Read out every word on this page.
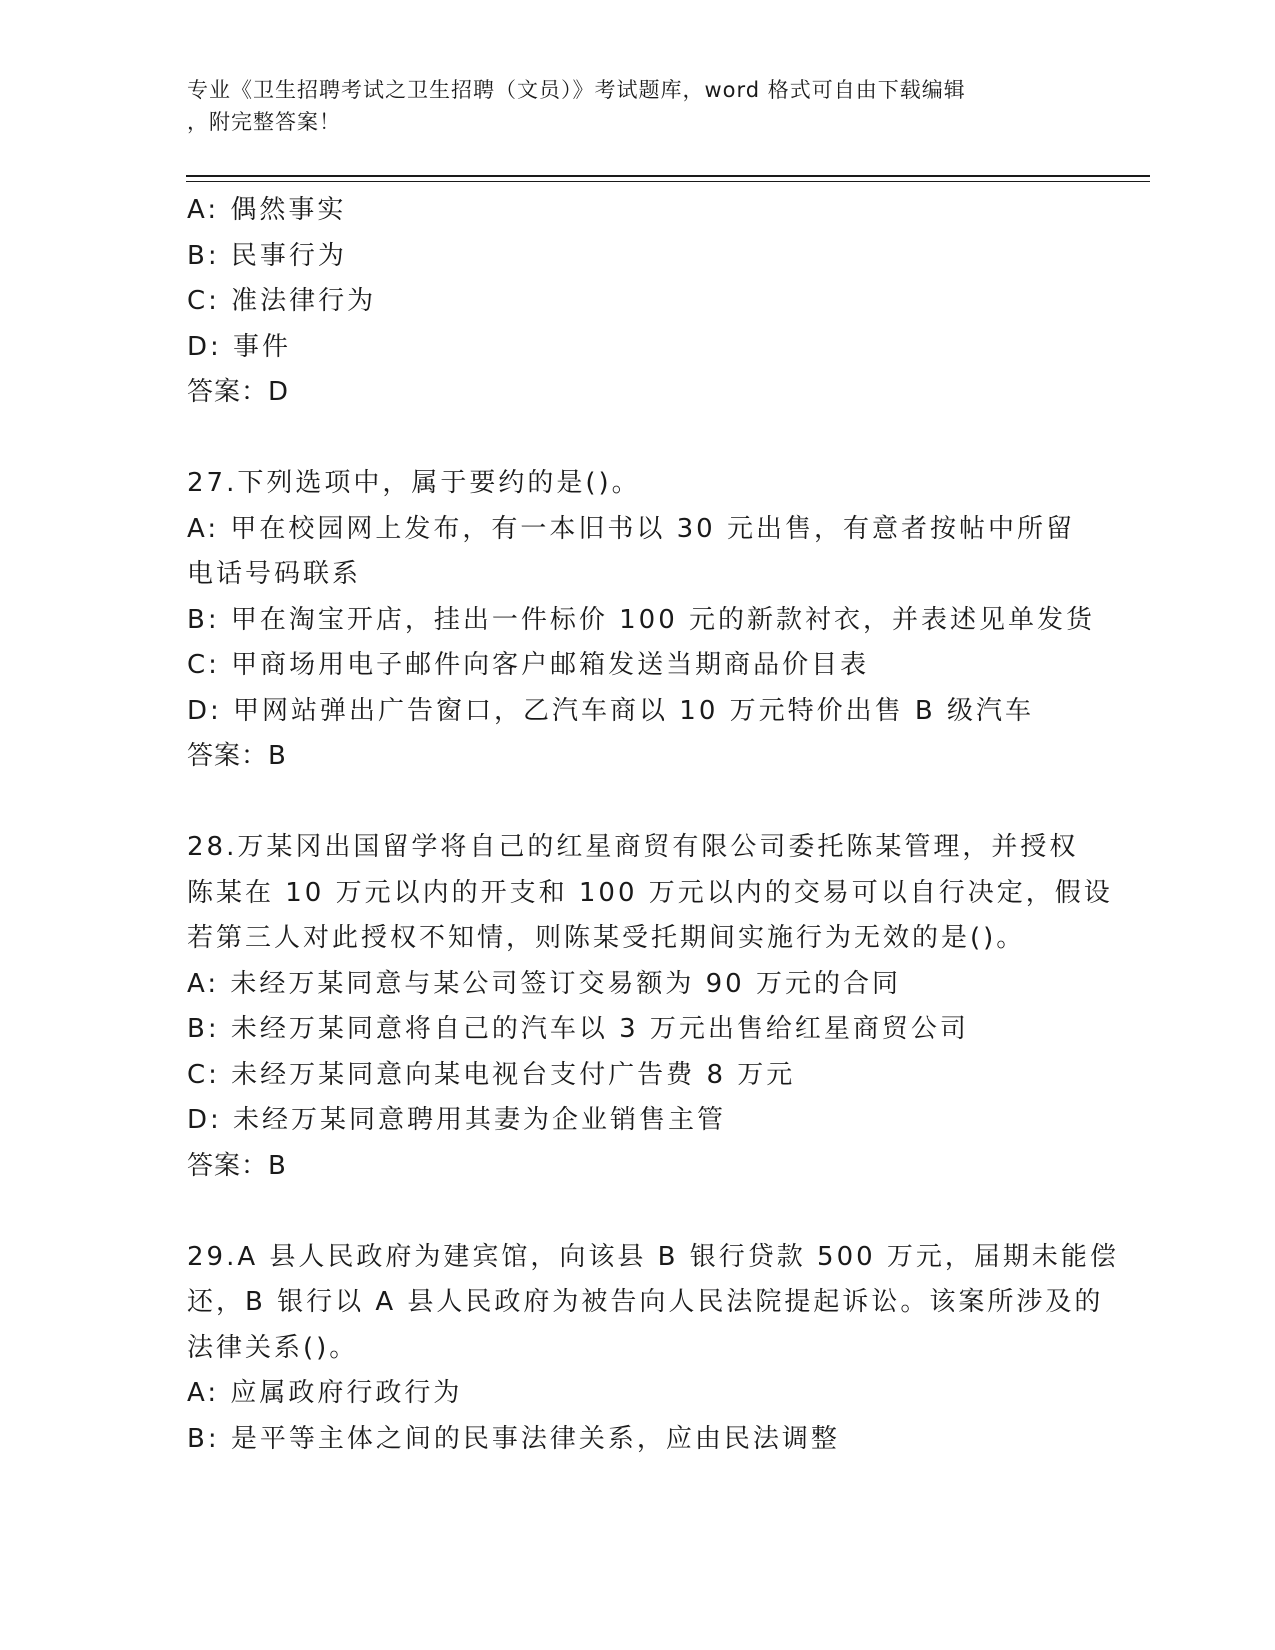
专业《卫生招聘考试之卫生招聘（文员）》考试题库，word 格式可自由下载编辑
，附完整答案！
A: 偶然事实
B: 民事行为
C: 准法律行为
D: 事件
答案：D
27.下列选项中，属于要约的是()。
A: 甲在校园网上发布，有一本旧书以 30 元出售，有意者按帖中所留
电话号码联系
B: 甲在淘宝开店，挂出一件标价 100 元的新款衬衣，并表述见单发货
C: 甲商场用电子邮件向客户邮箱发送当期商品价目表
D: 甲网站弹出广告窗口，乙汽车商以 10 万元特价出售 B 级汽车
答案：B
28.万某冈出国留学将自己的红星商贸有限公司委托陈某管理，并授权
陈某在 10 万元以内的开支和 100 万元以内的交易可以自行决定，假设
若第三人对此授权不知情，则陈某受托期间实施行为无效的是()。
A: 未经万某同意与某公司签订交易额为 90 万元的合同
B: 未经万某同意将自己的汽车以 3 万元出售给红星商贸公司
C: 未经万某同意向某电视台支付广告费 8 万元
D: 未经万某同意聘用其妻为企业销售主管
答案：B
29.A 县人民政府为建宾馆，向该县 B 银行贷款 500 万元，届期未能偿
还，B 银行以 A 县人民政府为被告向人民法院提起诉讼。该案所涉及的
法律关系()。
A: 应属政府行政行为
B: 是平等主体之间的民事法律关系，应由民法调整
